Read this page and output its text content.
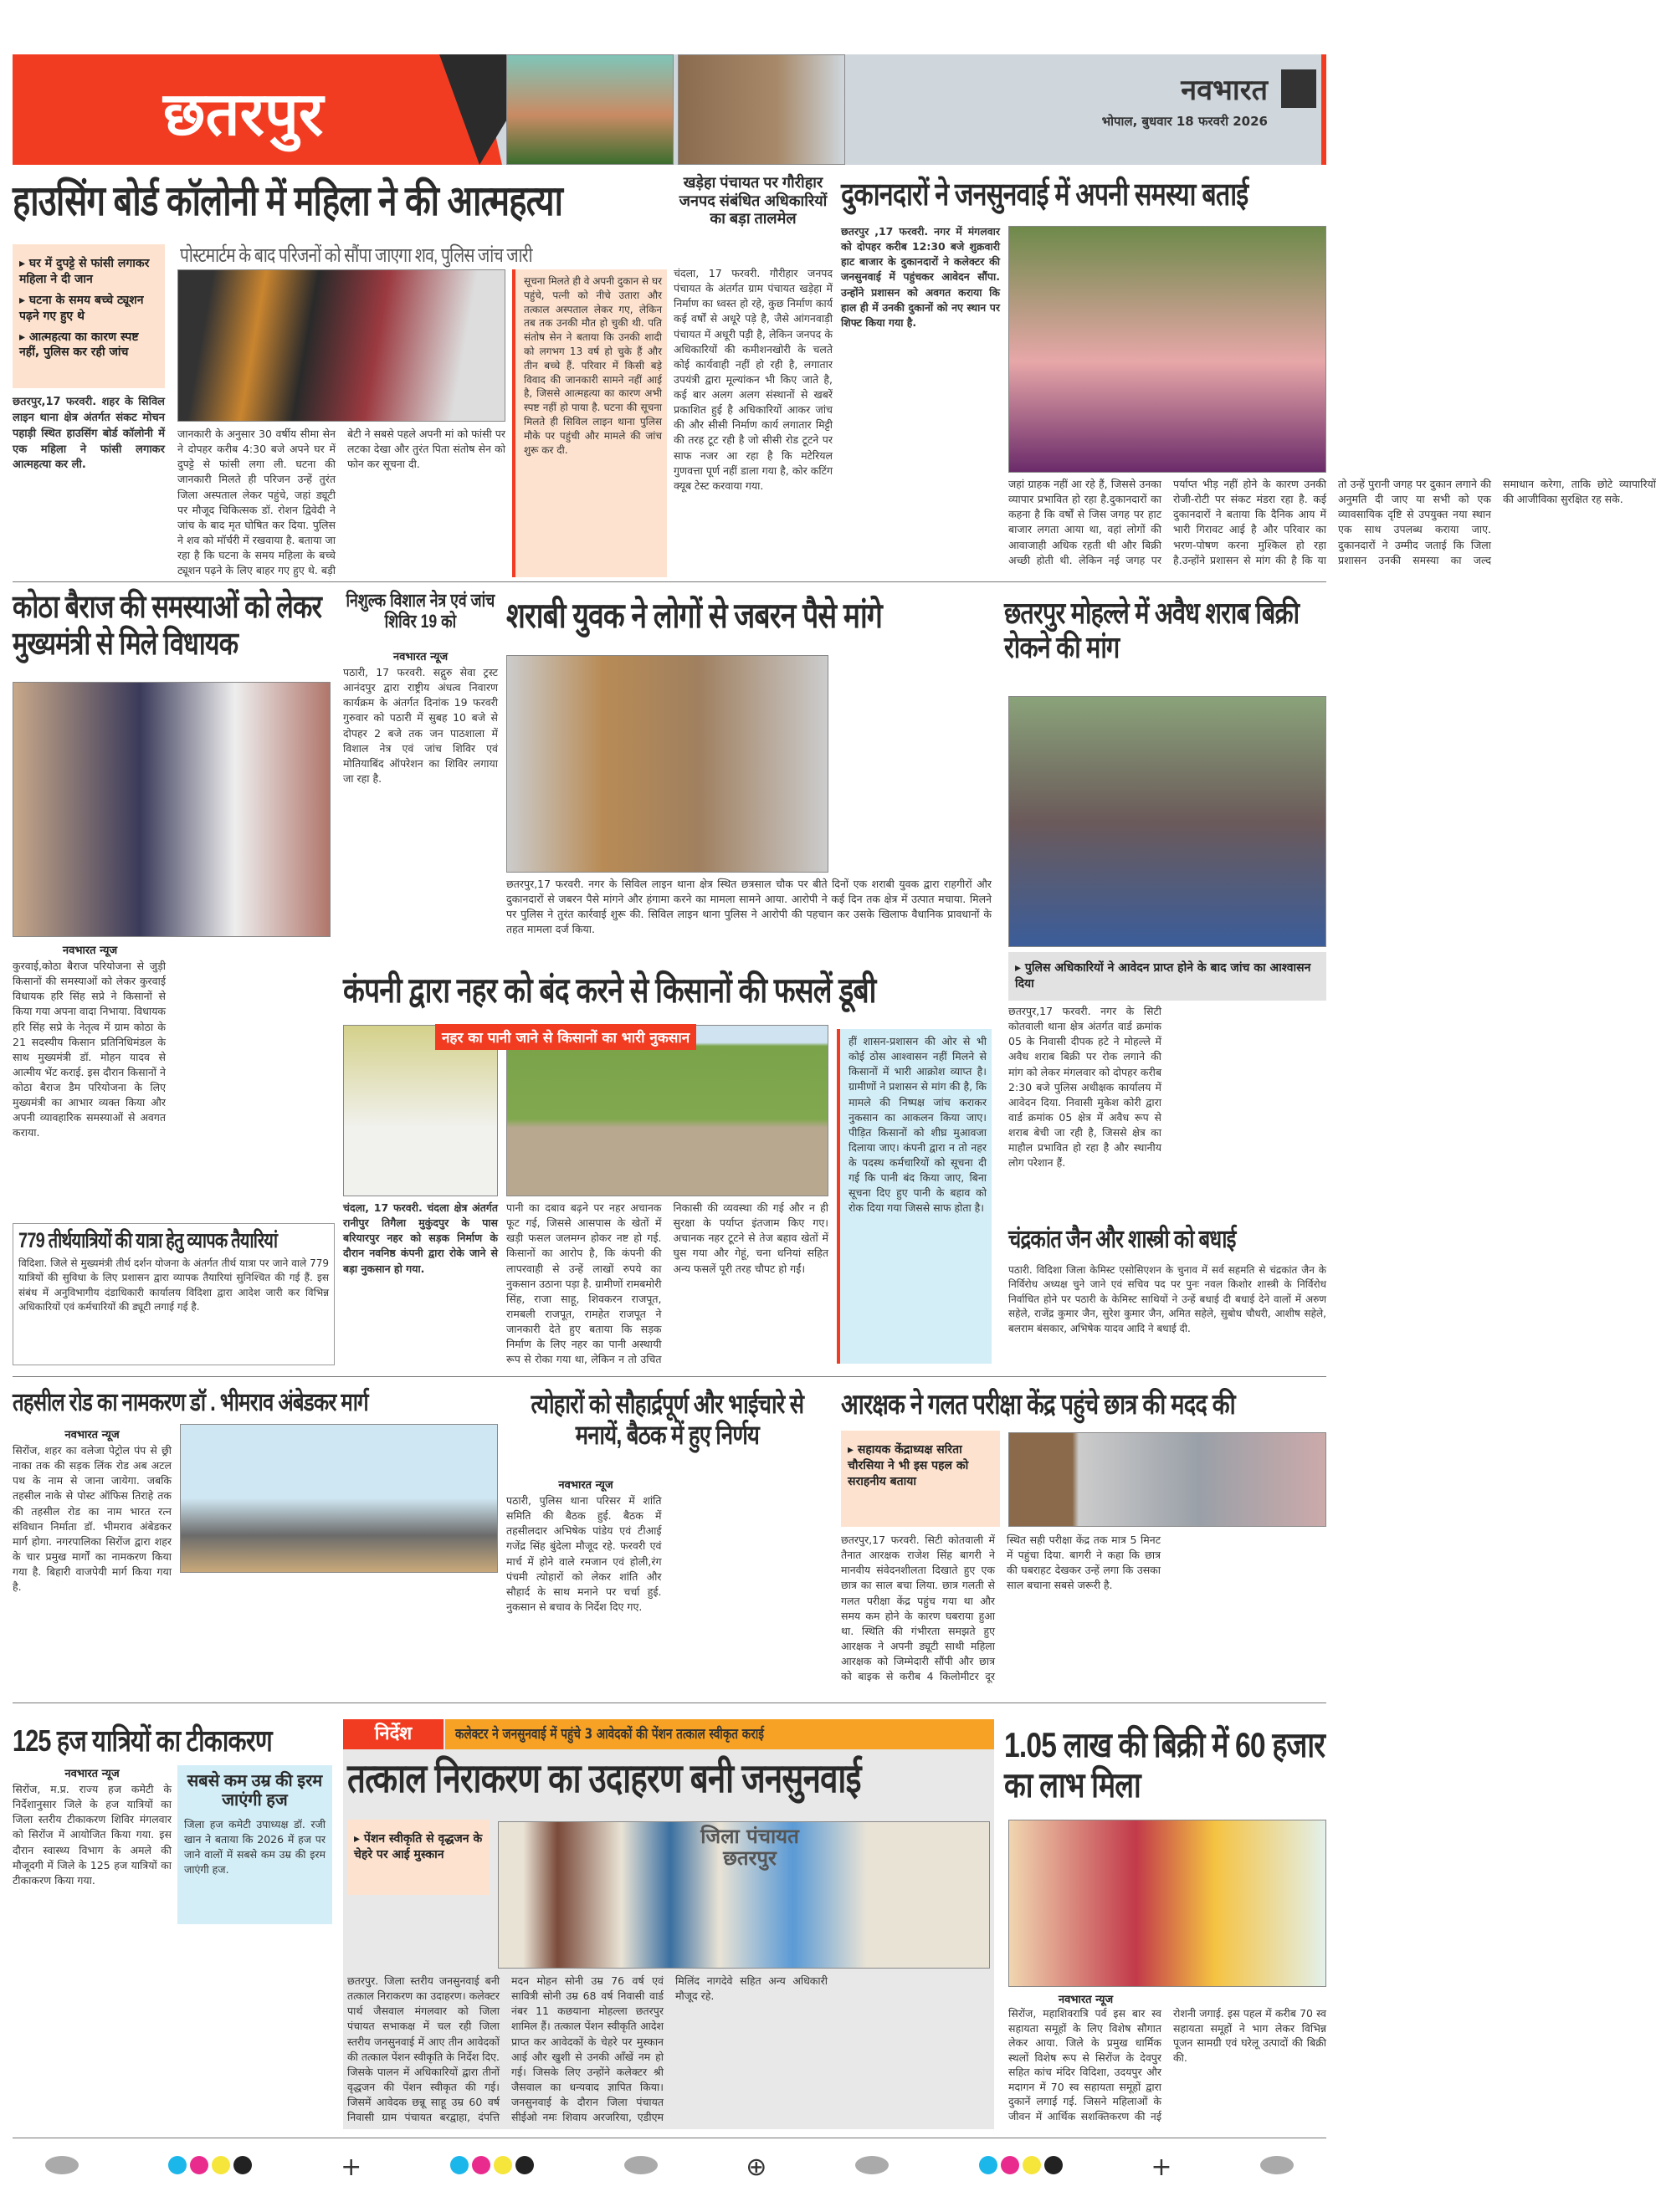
छतरपुर	नवभारत
भोपाल, बुधवार 18 फरवरी 2026
हाउसिंग बोर्ड कॉलोनी में महिला ने की आत्महत्या
पोस्टमार्टम के बाद परिजनों को सौंपा जाएगा शव, पुलिस जांच जारी
▸ घर में दुपट्टे से फांसी लगाकर महिला ने दी जान
▸ घटना के समय बच्चे ट्यूशन पढ़ने गए हुए थे
▸ आत्महत्या का कारण स्पष्ट नहीं, पुलिस कर रही जांच
छतरपुर,17 फरवरी. शहर के सिविल लाइन थाना क्षेत्र अंतर्गत संकट मोचन पहाड़ी स्थित हाउसिंग बोर्ड कॉलोनी में एक महिला ने फांसी लगाकर आत्महत्या कर ली.
जानकारी के अनुसार 30 वर्षीय सीमा सेन ने दोपहर करीब 4:30 बजे अपने घर में दुपट्टे से फांसी लगा ली. घटना की जानकारी मिलते ही परिजन उन्हें तुरंत जिला अस्पताल लेकर पहुंचे, जहां ड्यूटी पर मौजूद चिकित्सक डॉ. रोशन द्विवेदी ने जांच के बाद मृत घोषित कर दिया. पुलिस ने शव को मॉर्चरी में रखवाया है. बताया जा रहा है कि घटना के समय महिला के बच्चे ट्यूशन पढ़ने के लिए बाहर गए हुए थे. बड़ी बेटी ने सबसे पहले अपनी मां को फांसी पर लटका देखा और तुरंत पिता संतोष सेन को फोन कर सूचना दी.
सूचना मिलते ही वे अपनी दुकान से घर पहुंचे, पत्नी को नीचे उतारा और तत्काल अस्पताल लेकर गए, लेकिन तब तक उनकी मौत हो चुकी थी. पति संतोष सेन ने बताया कि उनकी शादी को लगभग 13 वर्ष हो चुके हैं और तीन बच्चे हैं. परिवार में किसी बड़े विवाद की जानकारी सामने नहीं आई है, जिससे आत्महत्या का कारण अभी स्पष्ट नहीं हो पाया है. घटना की सूचना मिलते ही सिविल लाइन थाना पुलिस मौके पर पहुंची और मामले की जांच शुरू कर दी.
खड़ेहा पंचायत पर गौरीहार जनपद संबंधित अधिकारियों का बड़ा तालमेल
चंदला, 17 फरवरी. गौरीहार जनपद पंचायत के अंतर्गत ग्राम पंचायत खड़ेहा में निर्माण का ध्वस्त हो रहे, कुछ निर्माण कार्य कई वर्षों से अधूरे पड़े है, जैसे आंगनवाड़ी पंचायत में अधूरी पड़ी है, लेकिन जनपद के अधिकारियों की कमीशनखोरी के चलते कोई कार्यवाही नहीं हो रही है, लगातार उपयंत्री द्वारा मूल्यांकन भी किए जाते है, कई बार अलग अलग संस्थानों से खबरें प्रकाशित हुई है अधिकारियों आकर जांच की और सीसी निर्माण कार्य लगातार मिट्टी की तरह टूट रही है जो सीसी रोड टूटने पर साफ नजर आ रहा है कि मटेरियल गुणवत्ता पूर्ण नहीं डाला गया है, कोर कटिंग क्यूब टेस्ट करवाया गया.
दुकानदारों ने जनसुनवाई में अपनी समस्या बताई
छतरपुर ,17 फरवरी. नगर में मंगलवार को दोपहर करीब 12:30 बजे शुक्रवारी हाट बाजार के दुकानदारों ने कलेक्टर की जनसुनवाई में पहुंचकर आवेदन सौंपा. उन्होंने प्रशासन को अवगत कराया कि हाल ही में उनकी दुकानों को नए स्थान पर शिफ्ट किया गया है.
जहां ग्राहक नहीं आ रहे हैं, जिससे उनका व्यापार प्रभावित हो रहा है.दुकानदारों का कहना है कि वर्षों से जिस जगह पर हाट बाजार लगता आया था, वहां लोगों की आवाजाही अधिक रहती थी और बिक्री अच्छी होती थी. लेकिन नई जगह पर पर्याप्त भीड़ नहीं होने के कारण उनकी रोजी-रोटी पर संकट मंडरा रहा है. कई दुकानदारों ने बताया कि दैनिक आय में भारी गिरावट आई है और परिवार का भरण-पोषण करना मुश्किल हो रहा है.उन्होंने प्रशासन से मांग की है कि या तो उन्हें पुरानी जगह पर दुकान लगाने की अनुमति दी जाए या सभी को एक व्यावसायिक दृष्टि से उपयुक्त नया स्थान एक साथ उपलब्ध कराया जाए. दुकानदारों ने उम्मीद जताई कि जिला प्रशासन उनकी समस्या का जल्द समाधान करेगा, ताकि छोटे व्यापारियों की आजीविका सुरक्षित रह सके.
कोठा बैराज की समस्याओं को लेकर मुख्यमंत्री से मिले विधायक
नवभारत न्यूज
कुरवाई,कोठा बैराज परियोजना से जुड़ी किसानों की समस्याओं को लेकर कुरवाई विधायक हरि सिंह सप्रे ने किसानों से किया गया अपना वादा निभाया. विधायक हरि सिंह सप्रे के नेतृत्व में ग्राम कोठा के 21 सदस्यीय किसान प्रतिनिधिमंडल के साथ मुख्यमंत्री डॉ. मोहन यादव से आत्मीय भेंट कराई. इस दौरान किसानों ने कोठा बैराज डैम परियोजना के लिए मुख्यमंत्री का आभार व्यक्त किया और अपनी व्यावहारिक समस्याओं से अवगत कराया.
निशुल्क विशाल नेत्र एवं जांच शिविर 19 को
नवभारत न्यूज
पठारी, 17 फरवरी. सद्गुरु सेवा ट्रस्ट आनंदपुर द्वारा राष्ट्रीय अंधत्व निवारण कार्यक्रम के अंतर्गत दिनांक 19 फरवरी गुरुवार को पठारी में सुबह 10 बजे से दोपहर 2 बजे तक जन पाठशाला में विशाल नेत्र एवं जांच शिविर एवं मोतियाबिंद ऑपरेशन का शिविर लगाया जा रहा है.
शराबी युवक ने लोगों से जबरन पैसे मांगे
छतरपुर,17 फरवरी. नगर के सिविल लाइन थाना क्षेत्र स्थित छत्रसाल चौक पर बीते दिनों एक शराबी युवक द्वारा राहगीरों और दुकानदारों से जबरन पैसे मांगने और हंगामा करने का मामला सामने आया. आरोपी ने कई दिन तक क्षेत्र में उत्पात मचाया. मिलने पर पुलिस ने तुरंत कार्रवाई शुरू की. सिविल लाइन थाना पुलिस ने आरोपी की पहचान कर उसके खिलाफ वैधानिक प्रावधानों के तहत मामला दर्ज किया.
छतरपुर मोहल्ले में अवैध शराब बिक्री रोकने की मांग
▸ पुलिस अधिकारियों ने आवेदन प्राप्त होने के बाद जांच का आश्वासन दिया
छतरपुर,17 फरवरी. नगर के सिटी कोतवाली थाना क्षेत्र अंतर्गत वार्ड क्रमांक 05 के निवासी दीपक हटे ने मोहल्ले में अवैध शराब बिक्री पर रोक लगाने की मांग को लेकर मंगलवार को दोपहर करीब 2:30 बजे पुलिस अधीक्षक कार्यालय में आवेदन दिया. निवासी मुकेश कोरी द्वारा वार्ड क्रमांक 05 क्षेत्र में अवैध रूप से शराब बेची जा रही है, जिससे क्षेत्र का माहौल प्रभावित हो रहा है और स्थानीय लोग परेशान हैं.
कंपनी द्वारा नहर को बंद करने से किसानों की फसलें डूबी
नहर का पानी जाने से किसानों का भारी नुकसान
चंदला, 17 फरवरी. चंदला क्षेत्र अंतर्गत रानीपुर तिगैला मुकुंदपुर के पास बरियारपुर नहर को सड़क निर्माण के दौरान नवनिष्ठ कंपनी द्वारा रोके जाने से बड़ा नुकसान हो गया.
पानी का दबाव बढ़ने पर नहर अचानक फूट गई, जिससे आसपास के खेतों में खड़ी फसल जलमग्न होकर नष्ट हो गई. किसानों का आरोप है, कि कंपनी की लापरवाही से उन्हें लाखों रुपये का नुकसान उठाना पड़ा है. ग्रामीणों रामबमोरी सिंह, राजा साहू, शिवकरन राजपूत, रामबली राजपूत, रामहेत राजपूत ने जानकारी देते हुए बताया कि सड़क निर्माण के लिए नहर का पानी अस्थायी रूप से रोका गया था, लेकिन न तो उचित निकासी की व्यवस्था की गई और न ही सुरक्षा के पर्याप्त इंतजाम किए गए। अचानक नहर टूटने से तेज बहाव खेतों में घुस गया और गेहूं, चना धनियां सहित अन्य फसलें पूरी तरह चौपट हो गईं।
हीं शासन-प्रशासन की ओर से भी कोई ठोस आश्वासन नहीं मिलने से किसानों में भारी आक्रोश व्याप्त है। ग्रामीणों ने प्रशासन से मांग की है, कि मामले की निष्पक्ष जांच कराकर नुकसान का आकलन किया जाए। पीड़ित किसानों को शीघ्र मुआवजा दिलाया जाए। कंपनी द्वारा न तो नहर के पदस्थ कर्मचारियों को सूचना दी गई कि पानी बंद किया जाए, बिना सूचना दिए हुए पानी के बहाव को रोक दिया गया जिससे साफ होता है।
779 तीर्थयात्रियों की यात्रा हेतु व्यापक तैयारियां
विदिशा. जिले से मुख्यमंत्री तीर्थ दर्शन योजना के अंतर्गत तीर्थ यात्रा पर जाने वाले 779 यात्रियों की सुविधा के लिए प्रशासन द्वारा व्यापक तैयारियां सुनिश्चित की गई हैं. इस संबंध में अनुविभागीय दंडाधिकारी कार्यालय विदिशा द्वारा आदेश जारी कर विभिन्न अधिकारियों एवं कर्मचारियों की ड्यूटी लगाई गई है.
चंद्रकांत जैन और शास्त्री को बधाई
पठारी. विदिशा जिला केमिस्ट एसोसिएशन के चुनाव में सर्व सहमति से चंद्रकांत जैन के निर्विरोध अध्यक्ष चुने जाने एवं सचिव पद पर पुनः नवल किशोर शास्त्री के निर्विरोध निर्वाचित होने पर पठारी के केमिस्ट साथियों ने उन्हें बधाई दी बधाई देने वालों में अरुण सहेले, राजेंद्र कुमार जैन, सुरेश कुमार जैन, अमित सहेले, सुबोध चौधरी, आशीष सहेले, बलराम बंसकार, अभिषेक यादव आदि ने बधाई दी.
तहसील रोड का नामकरण डॉ . भीमराव अंबेडकर मार्ग
नवभारत न्यूज
सिरोंज, शहर का वलेजा पेट्रोल पंप से छ्री नाका तक की सड़क लिंक रोड अब अटल पथ के नाम से जाना जायेगा. जबकि तहसील नाके से पोस्ट ऑफिस तिराहे तक की तहसील रोड का नाम भारत रत्न संविधान निर्माता डॉ. भीमराव अंबेडकर मार्ग होगा. नगरपालिका सिरोंज द्वारा शहर के चार प्रमुख मार्गों का नामकरण किया गया है. बिहारी वाजपेयी मार्ग किया गया है.
त्योहारों को सौहार्द्रपूर्ण और भाईचारे से मनायें, बैठक में हुए निर्णय
नवभारत न्यूज
पठारी, पुलिस थाना परिसर में शांति समिति की बैठक हुई. बैठक में तहसीलदार अभिषेक पांडेय एवं टीआई गजेंद्र सिंह बुंदेला मौजूद रहे. फरवरी एवं मार्च में होने वाले रमजान एवं होली,रंग पंचमी त्योहारों को लेकर शांति और सौहार्द के साथ मनाने पर चर्चा हुई. नुकसान से बचाव के निर्देश दिए गए.
आरक्षक ने गलत परीक्षा केंद्र पहुंचे छात्र की मदद की
▸ सहायक केंद्राध्यक्ष सरिता चौरसिया ने भी इस पहल को सराहनीय बताया
छतरपुर,17 फरवरी. सिटी कोतवाली में तैनात आरक्षक राजेश सिंह बागरी ने मानवीय संवेदनशीलता दिखाते हुए एक छात्र का साल बचा लिया. छात्र गलती से गलत परीक्षा केंद्र पहुंच गया था और समय कम होने के कारण घबराया हुआ था. स्थिति की गंभीरता समझते हुए आरक्षक ने अपनी ड्यूटी साथी महिला आरक्षक को जिम्मेदारी सौंपी और छात्र को बाइक से करीब 4 किलोमीटर दूर स्थित सही परीक्षा केंद्र तक मात्र 5 मिनट में पहुंचा दिया. बागरी ने कहा कि छात्र की घबराहट देखकर उन्हें लगा कि उसका साल बचाना सबसे जरूरी है.
125 हज यात्रियों का टीकाकरण
नवभारत न्यूज
सिरोंज, म.प्र. राज्य हज कमेटी के निर्देशानुसार जिले के हज यात्रियों का जिला स्तरीय टीकाकरण शिविर मंगलवार को सिरोंज में आयोजित किया गया. इस दौरान स्वास्थ्य विभाग के अमले की मौजूदगी में जिले के 125 हज यात्रियों का टीकाकरण किया गया.
सबसे कम उम्र की इरम जाएंगी हज
जिला हज कमेटी उपाध्यक्ष डॉ. रजी खान ने बताया कि 2026 में हज पर जाने वालों में सबसे कम उम्र की इरम जाएंगी हज.
निर्देश	कलेक्टर ने जनसुनवाई में पहुंचे 3 आवेदकों की पेंशन तत्काल स्वीकृत कराई
तत्काल निराकरण का उदाहरण बनी जनसुनवाई
▸ पेंशन स्वीकृति से वृद्धजन के चेहरे पर आई मुस्कान
जिला पंचायत छतरपुर
छतरपुर. जिला स्तरीय जनसुनवाई बनी तत्काल निराकरण का उदाहरण। कलेक्टर पार्थ जैसवाल मंगलवार को जिला पंचायत सभाकक्ष में चल रही जिला स्तरीय जनसुनवाई में आए तीन आवेदकों की तत्काल पेंशन स्वीकृति के निर्देश दिए. जिसके पालन में अधिकारियों द्वारा तीनों वृद्धजन की पेंशन स्वीकृत की गई। जिसमें आवेदक छन्नू साहू उम्र 60 वर्ष निवासी ग्राम पंचायत बरद्वाहा, दंपत्ति मदन मोहन सोनी उम्र 76 वर्ष एवं सावित्री सोनी उम्र 68 वर्ष निवासी वार्ड नंबर 11 कछयाना मोहल्ला छतरपुर शामिल हैं। तत्काल पेंशन स्वीकृति आदेश प्राप्त कर आवेदकों के चेहरे पर मुस्कान आई और खुशी से उनकी आँखें नम हो गई। जिसके लिए उन्होंने कलेक्टर श्री जैसवाल का धन्यवाद ज्ञापित किया। जनसुनवाई के दौरान जिला पंचायत सीईओ नमः शिवाय अरजरिया, एडीएम मिलिंद नागदेवे सहित अन्य अधिकारी मौजूद रहे.
1.05 लाख की बिक्री में 60 हजार का लाभ मिला
नवभारत न्यूज
सिरोंज, महाशिवरात्रि पर्व इस बार स्व सहायता समूहों के लिए विशेष सौगात लेकर आया. जिले के प्रमुख धार्मिक स्थलों विशेष रूप से सिरोंज के देवपुर सहित कांच मंदिर विदिशा, उदयपुर और मदागन में 70 स्व सहायता समूहों द्वारा दुकानें लगाई गई. जिसने महिलाओं के जीवन में आर्थिक सशक्तिकरण की नई रोशनी जगाई. इस पहल में करीब 70 स्व सहायता समूहों ने भाग लेकर विभिन्न पूजन सामग्री एवं घरेलू उत्पादों की बिक्री की.
+	⊕	+
